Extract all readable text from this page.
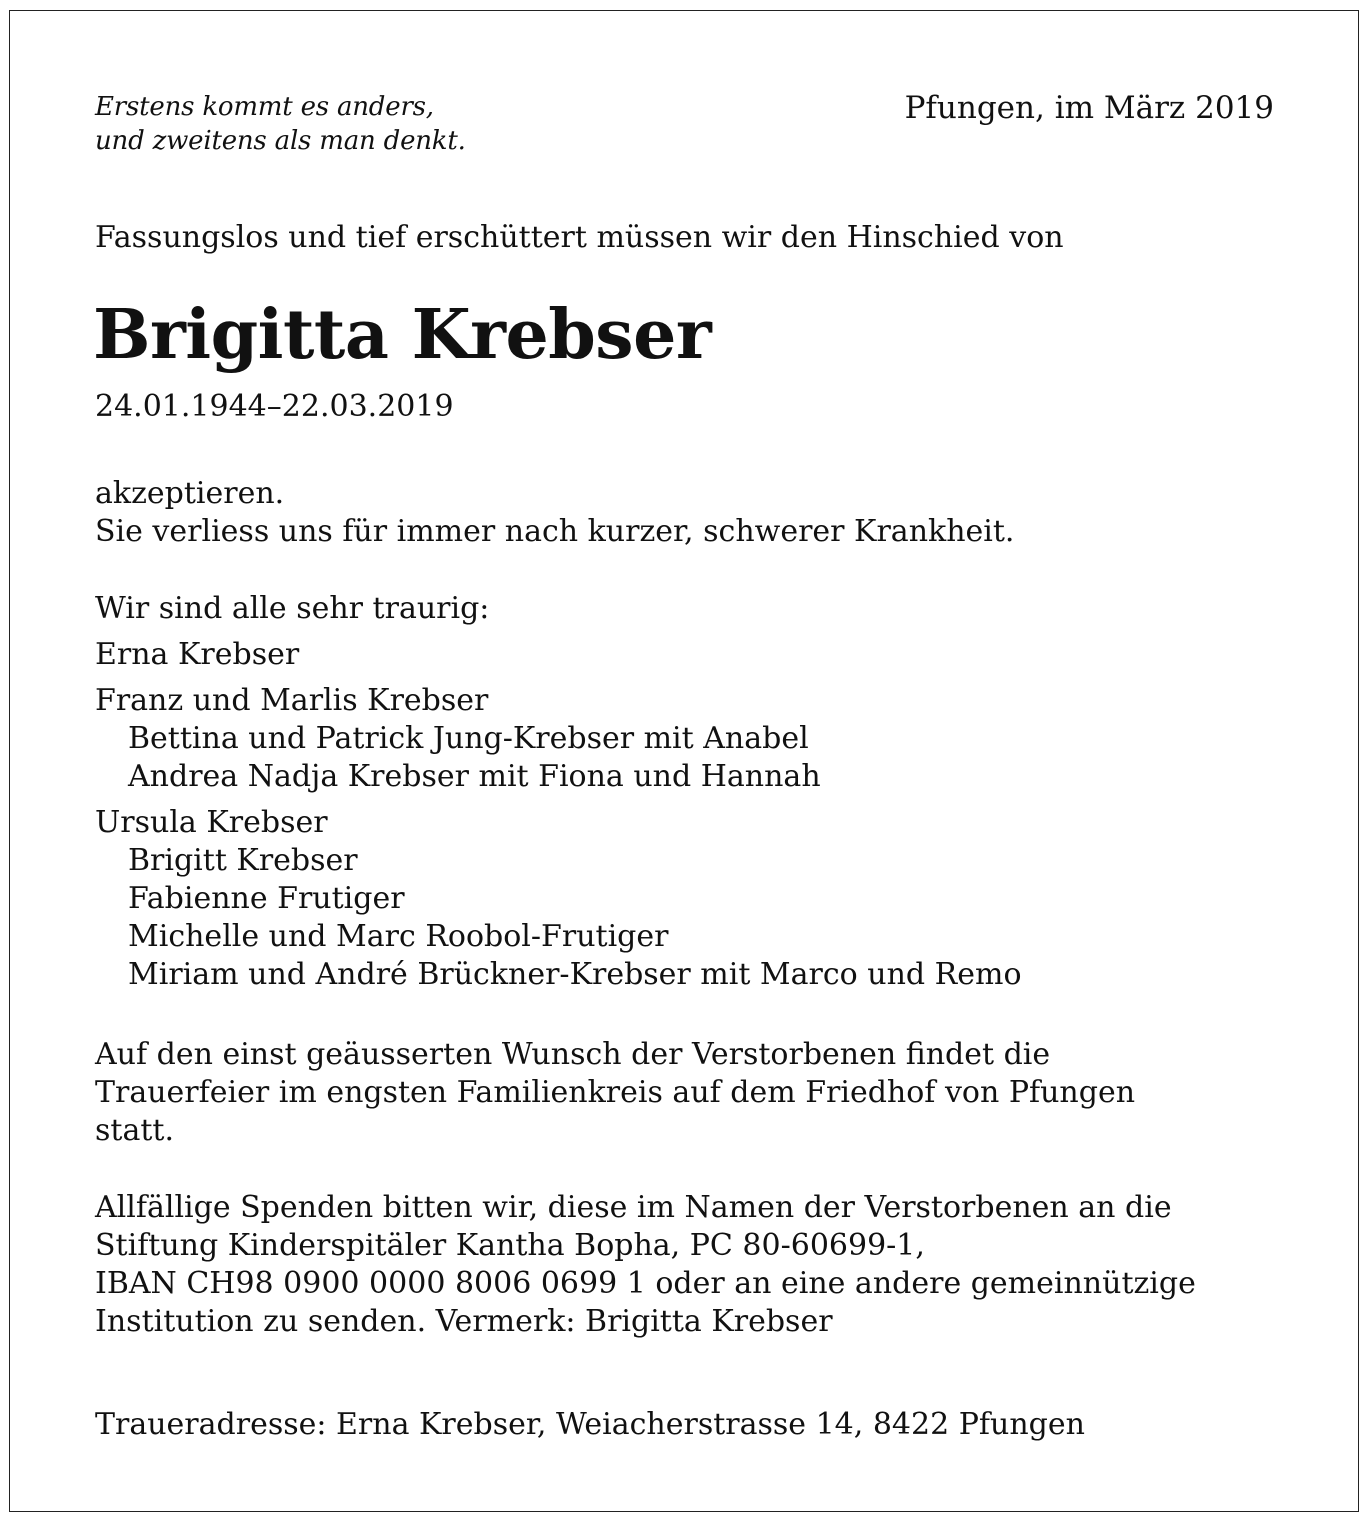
Erstens kommt es anders,
und zweitens als man denkt.
Pfungen, im März 2019
Fassungslos und tief erschüttert müssen wir den Hinschied von
Brigitta Krebser
24.01.1944–22.03.2019
akzeptieren.
Sie verliess uns für immer nach kurzer, schwerer Krankheit.
Wir sind alle sehr traurig:
Erna Krebser
Franz und Marlis Krebser
Bettina und Patrick Jung-Krebser mit Anabel
Andrea Nadja Krebser mit Fiona und Hannah
Ursula Krebser
Brigitt Krebser
Fabienne Frutiger
Michelle und Marc Roobol-Frutiger
Miriam und André Brückner-Krebser mit Marco und Remo
Auf den einst geäusserten Wunsch der Verstorbenen findet die
Trauerfeier im engsten Familienkreis auf dem Friedhof von Pfungen
statt.
Allfällige Spenden bitten wir, diese im Namen der Verstorbenen an die
Stiftung Kinderspitäler Kantha Bopha, PC 80-60699-1,
IBAN CH98 0900 0000 8006 0699 1 oder an eine andere gemeinnützige
Institution zu senden. Vermerk: Brigitta Krebser
Traueradresse: Erna Krebser, Weiacherstrasse 14, 8422 Pfungen
